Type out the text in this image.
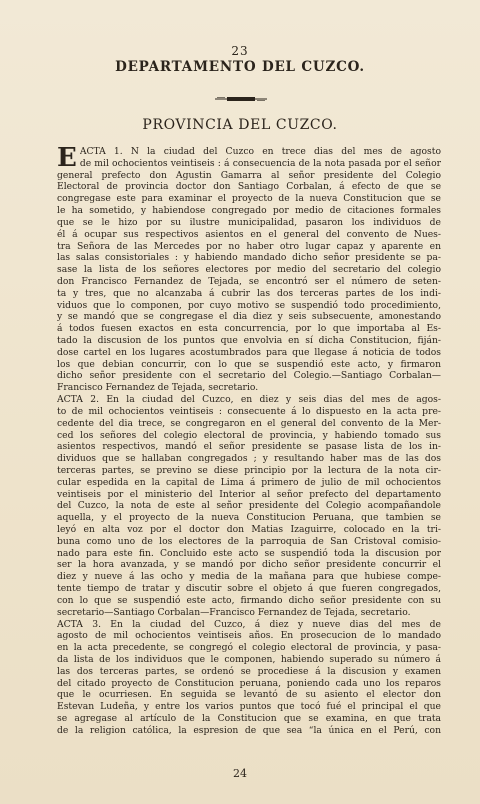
23
DEPARTAMENTO DEL CUZCO.
PROVINCIA DEL CUZCO.
E ACTA 1. N la ciudad del Cuzco en trece dias del mes de agosto
de mil ochocientos veintiseis : á consecuencia de la nota pasada por el señor
general prefecto don Agustin Gamarra al señor presidente del Colegio
Electoral de provincia doctor don Santiago Corbalan, á efecto de que se
congregase este para examinar el proyecto de la nueva Constitucion que se
le ha sometido, y habiendose congregado por medio de citaciones formales
que se le hizo por su ilustre municipalidad, pasaron los individuos de
él á ocupar sus respectivos asientos en el general del convento de Nues-
tra Señora de las Mercedes por no haber otro lugar capaz y aparente en
las salas consistoriales : y habiendo mandado dicho señor presidente se pa-
sase la lista de los señores electores por medio del secretario del colegio
don Francisco Fernandez de Tejada, se encontró ser el número de seten-
ta y tres, que no alcanzaba á cubrir las dos terceras partes de los indi-
viduos que lo componen, por cuyo motivo se suspendió todo procedimiento,
y se mandó que se congregase el dia diez y seis subsecuente, amonestando
á todos fuesen exactos en esta concurrencia, por lo que importaba al Es-
tado la discusion de los puntos que envolvia en sí dicha Constitucion, fiján-
dose cartel en los lugares acostumbrados para que llegase á noticia de todos
los que debian concurrir, con lo que se suspendió este acto, y firmaron
dicho señor presidente con el secretario del Colegio.—Santiago Corbalan—
Francisco Fernandez de Tejada, secretario.
ACTA 2. En la ciudad del Cuzco, en diez y seis dias del mes de agos-
to de mil ochocientos veintiseis : consecuente á lo dispuesto en la acta pre-
cedente del dia trece, se congregaron en el general del convento de la Mer-
ced los señores del colegio electoral de provincia, y habiendo tomado sus
asientos respectivos, mandó el señor presidente se pasase lista de los in-
dividuos que se hallaban congregados ; y resultando haber mas de las dos
terceras partes, se previno se diese principio por la lectura de la nota cir-
cular espedida en la capital de Lima á primero de julio de mil ochocientos
veintiseis por el ministerio del Interior al señor prefecto del departamento
del Cuzco, la nota de este al señor presidente del Colegio acompañandole
aquella, y el proyecto de la nueva Constitucion Peruana, que tambien se
leyó en alta voz por el doctor don Matias Izaguirre, colocado en la tri-
buna como uno de los electores de la parroquia de San Cristoval comisio-
nado para este fin. Concluido este acto se suspendió toda la discusion por
ser la hora avanzada, y se mandó por dicho señor presidente concurrir el
diez y nueve á las ocho y media de la mañana para que hubiese compe-
tente tiempo de tratar y discutir sobre el objeto á que fueren congregados,
con lo que se suspendió este acto, firmando dicho señor presidente con su
secretario—Santiago Corbalan—Francisco Fernandez de Tejada, secretario.
ACTA 3. En la ciudad del Cuzco, á diez y nueve dias del mes de
agosto de mil ochocientos veintiseis años. En prosecucion de lo mandado
en la acta precedente, se congregó el colegio electoral de provincia, y pasa-
da lista de los individuos que le componen, habiendo superado su número á
las dos terceras partes, se ordenó se procediese á la discusion y examen
del citado proyecto de Constitucion peruana, poniendo cada uno los reparos
que le ocurriesen. En seguida se levantó de su asiento el elector don
Estevan Ludeña, y entre los varios puntos que tocó fué el principal el que
se agregase al artículo de la Constitucion que se examina, en que trata
de la religion católica, la espresion de que sea “la única en el Perú, con
24
